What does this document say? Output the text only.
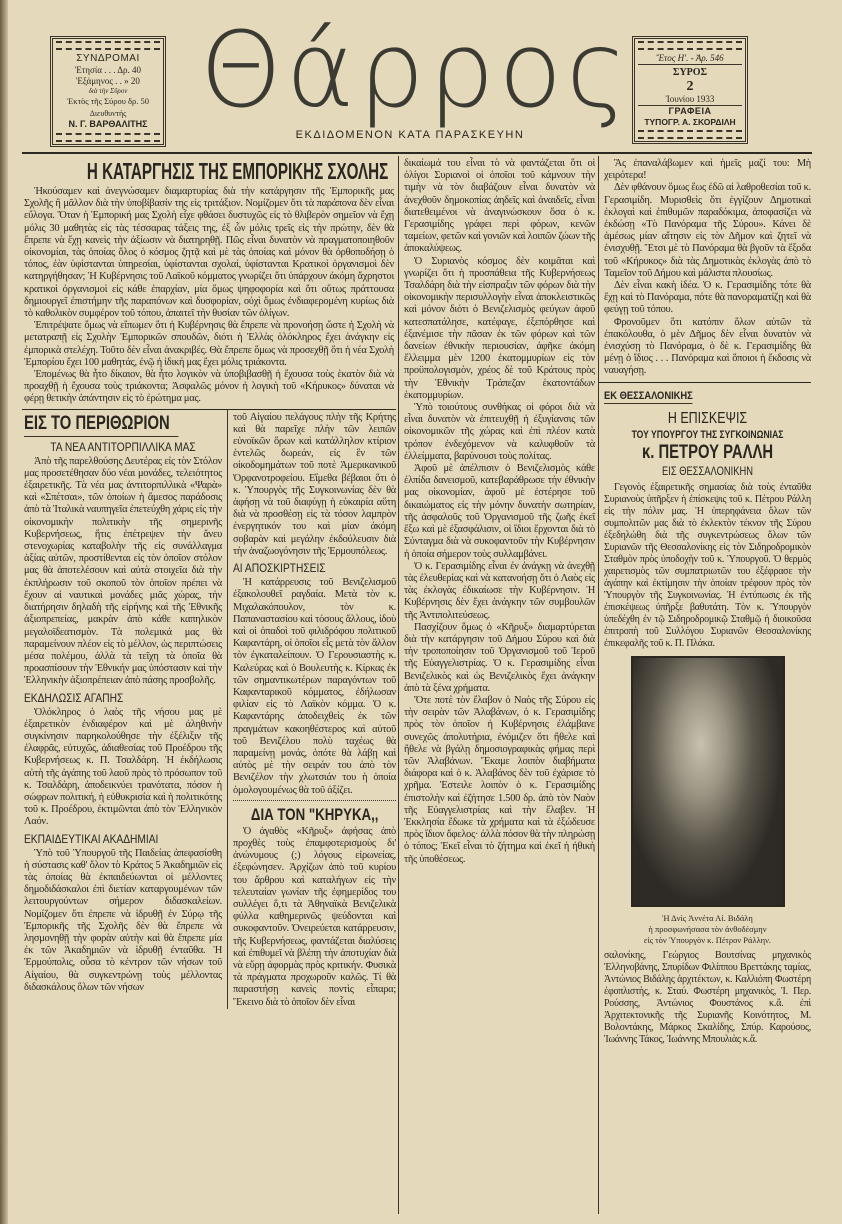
ΣΥΝΔΡΟΜΑΙ
Ἐτησία . . . Δρ. 40
Ἑξάμηνος . . » 20
διὰ τὴν Σῦρον
Ἐκτὸς τῆς Σύρου δρ. 50
Διευθυντής
Ν. Γ. ΒΑΡΘΑΛΙΤΗΣ Θάρρος
ΕΚΔΙΔΟΜΕΝΟΝ ΚΑΤΑ ΠΑΡΑΣΚΕΥΗΝ
Ἔτος Η'. - Ἀρ. 546
ΣΥΡΟΣ
2
Ἰουνίου 1933
ΓΡΑΦΕΙΑ
ΤΥΠΟΓΡ. Α. ΣΚΟΡΔΙΛΗ
Η ΚΑΤΑΡΓΗΣΙΣ ΤΗΣ ΕΜΠΟΡΙΚΗΣ ΣΧΟΛΗΣ

Ἠκούσαμεν καὶ ἀνεγνώσαμεν διαμαρτυρίας διὰ τὴν κατάργησιν τῆς Ἐμπορικῆς μας Σχολῆς ἢ μᾶλλον διὰ τὴν ὑποβίβασίν της εἰς τριτάξιον. Νομίζομεν ὅτι τὰ παράπονα δὲν εἶναι εὔλογα. Ὅταν ἡ Ἐμπορική μας Σχολὴ εἶχε φθάσει δυστυχῶς εἰς τὸ θλιβερὸν σημεῖον νὰ ἔχῃ μόλις 30 μαθητὰς εἰς τὰς τέσσαρας τάξεις της, ἐξ ὧν μόλις τρεῖς εἰς τὴν πρώτην, δὲν θὰ ἔπρεπε νὰ ἔχῃ κανεὶς τὴν ἀξίωσιν νὰ διατηρηθῇ. Πῶς εἶναι δυνατὸν νὰ πραγματοποιηθοῦν οἰκονομίαι, τὰς ὁποίας ὅλος ὁ κόσμος ζητᾷ καὶ μὲ τὰς ὁποίας καὶ μόνον θὰ ὀρθοποδήσῃ ὁ τόπος, ἐὰν ὑφίστανται ὑπηρεσίαι, ὑφίστανται σχολαί, ὑφίστανται Κρατικοὶ ὀργανισμοὶ δὲν κατηργήθησαν; Ἡ Κυβέρνησις τοῦ Λαϊκοῦ κόμματος γνωρίζει ὅτι ὑπάρχουν ἀκόμη ἄχρηστοι κρατικοὶ ὀργανισμοὶ εἰς κάθε ἐπαρχίαν, μία ὅμως ψηφοφορία καὶ ὅτι οὕτως πράττουσα δημιουργεῖ ἐπιστήμην τῆς παραπόνων καὶ δυσφορίαν, οὐχὶ ὅμως ἐνδιαφερομένη κυρίως διὰ τὸ καθολικὸν συμφέρον τοῦ τόπου, ἀπαιτεῖ τὴν θυσίαν τῶν ὀλίγων.

Ἐπιτρέψατε ὅμως νὰ εἴπωμεν ὅτι ἡ Κυβέρνησις θὰ ἔπρεπε νὰ προνοήσῃ ὥστε ἡ Σχολὴ νὰ μετατραπῇ εἰς Σχολὴν Ἐμπορικῶν σπουδῶν, διότι ἡ Ἑλλὰς ὁλόκληρος ἔχει ἀνάγκην εἰς ἐμπορικὰ στελέχη. Τοῦτο δὲν εἶναι ἀνακριβές. Θὰ ἔπρεπε ὅμως νὰ προσεχθῇ ὅτι ἡ νέα Σχολὴ Ἐμπορίου ἔχει 100 μαθητάς, ἐνῷ ἡ ἰδική μας ἔχει μόλις τριάκοντα.

Ἐπομένως θὰ ἦτο δίκαιον, θὰ ἦτο λογικὸν νὰ ὑποβιβασθῇ ἡ ἔχουσα τοὺς ἑκατὸν διὰ νὰ προαχθῇ ἡ ἔχουσα τοὺς τριάκοντα; Ἀσφαλῶς μόνον ἡ λογικὴ τοῦ «Κήρυκος» δύναται νὰ φέρῃ θετικὴν ἀπάντησιν εἰς τὸ ἐρώτημα μας.

ΕΙΣ ΤΟ ΠΕΡΙΘΩΡΙΟΝ
ΤΑ ΝΕΑ ΑΝΤΙΤΟΡΠΙΛΛΙΚΑ ΜΑΣ

Ἀπὸ τῆς παρελθούσης Δευτέρας εἰς τὸν Στόλον μας προσετέθησαν δύο νέαι μονάδες, τελειότητος ἐξαιρετικῆς. Τὰ νέα μας ἀντιτορπιλλικὰ «Ψαρὰ» καὶ «Σπέτσαι», τῶν ὁποίων ἡ ἄμεσος παράδοσις ἀπὸ τὰ Ἰταλικὰ ναυπηγεῖα ἐπετεύχθη χάρις εἰς τὴν οἰκονομικὴν πολιτικὴν τῆς σημερινῆς Κυβερνήσεως, ἥτις ἐπέτρεψεν τὴν ἄνευ στενοχωρίας καταβολὴν τῆς εἰς συνάλλαγμα ἀξίας αὐτῶν, προστίθενται εἰς τὸν ὁποῖον στόλον μας θὰ ἀποτελέσουν καὶ αὐτὰ στοιχεῖα διὰ τὴν ἐκπλήρωσιν τοῦ σκοποῦ τὸν ὁποῖον πρέπει νὰ ἔχουν αἱ ναυτικαὶ μονάδες μιᾶς χώρας, τὴν διατήρησιν δηλαδὴ τῆς εἰρήνης καὶ τῆς Ἐθνικῆς ἀξιοπρεπείας, μακρὰν ἀπὸ κάθε καπηλικὸν μεγαλοϊδεατισμὸν. Τὰ πολεμικά μας θὰ παραμείνουν πλέον εἰς τὸ μέλλον, ὡς περιπτώσεις μέσα πολέμου, ἀλλὰ τὰ τεῖχη τὰ ὁποῖα θὰ προασπίσουν τὴν Ἐθνικήν μας ὑπόστασιν καὶ τὴν Ἑλληνικὴν ἀξιοπρέπειαν ἀπὸ πάσης προσβολῆς.

ΕΚΔΗΛΩΣΙΣ ΑΓΑΠΗΣ

Ὁλόκληρος ὁ λαὸς τῆς νήσου μας μὲ ἐξαιρετικὸν ἐνδιαφέρον καὶ μὲ ἀληθινὴν συγκίνησιν παρηκολούθησε τὴν ἐξέλιξιν τῆς ἐλαφρᾶς, εὐτυχῶς, ἀδιαθεσίας τοῦ Προέδρου τῆς Κυβερνήσεως κ. Π. Τσαλδάρη. Ἡ ἐκδήλωσις αὐτὴ τῆς ἀγάπης τοῦ λαοῦ πρὸς τὸ πρόσωπον τοῦ κ. Τσαλδάρη, ἀποδεικνύει τρανότατα, πόσον ἡ σώφρων πολιτική, ἡ εὐθυκρισία καὶ ἡ πολιτικότης τοῦ κ. Προέδρου, ἐκτιμῶνται ἀπὸ τὸν Ἑλληνικὸν Λαόν.

ΕΚΠΑΙΔΕΥΤΙΚΑΙ ΑΚΑΔΗΜΙΑΙ

Ὑπὸ τοῦ Ὑπουργοῦ τῆς Παιδείας ἀπεφασίσθη ἡ σύστασις καθ' ὅλον τὸ Κράτος 5 Ἀκαδημιῶν εἰς τὰς ὁποίας θὰ ἐκπαιδεύωνται οἱ μέλλοντες δημοδιδάσκαλοι ἐπὶ διετίαν καταργουμένων τῶν λειτουργούντων σήμερον διδασκαλείων. Νομίζομεν ὅτι ἐπρεπε νὰ ἱδρυθῇ ἐν Σύρῳ τῆς Ἐμπορικῆς τῆς Σχολῆς δὲν θὰ ἔπρεπε νὰ λησμονηθῇ τὴν φορὰν αὐτὴν καὶ θὰ ἔπρεπε μία ἐκ τῶν Ἀκαδημιῶν νὰ ἱδρυθῇ ἐνταῦθα. Ἡ Ἑρμούπολις, οὖσα τὸ κέντρον τῶν νήσων τοῦ Αἰγαίου, θὰ συγκεντρώνῃ τοὺς μέλλοντας διδασκάλους ὅλων τῶν νήσων

τοῦ Αἰγαίου πελάγους πλὴν τῆς Κρήτης καὶ θὰ παρεῖχε πλὴν τῶν λειπῶν εὐνοϊκῶν ὅρων καὶ κατάλληλον κτίριον ἐντελῶς δωρεάν, εἰς ἓν τῶν οἰκοδομημάτων τοῦ ποτὲ Ἀμερικανικοῦ Ὀρφανοτροφείου. Εἴμεθα βέβαιοι ὅτι ὁ κ. Ὑπουργὸς τῆς Συγκοινωνίας δὲν θὰ ἀφήσῃ νὰ τοῦ διαφύγῃ ἡ εὐκαιρία αὕτη διὰ νὰ προσθέσῃ εἰς τὰ τόσον λαμπρὸν ἐνεργητικόν του καὶ μίαν ἀκόμη σοβαρὰν καὶ μεγάλην ἐκδούλευσιν διὰ τὴν ἀναζωογόνησιν τῆς Ἑρμουπόλεως.

ΑΙ ΑΠΟΣΚΙΡΤΗΣΕΙΣ

Ἡ κατάρρευσις τοῦ Βενιζελισμοῦ ἐξακολουθεῖ ραγδαία. Μετὰ τὸν κ. Μιχαλακόπουλον, τὸν κ. Παπαναστασίου καὶ τόσους ἄλλους, ἰδοὺ καὶ οἱ ὀπαδοὶ τοῦ φιλιδρόφου πολιτικοῦ Καφαντάρη, οἱ ὁποῖοι εἷς μετὰ τὸν ἄλλον τὸν ἐγκαταλείπουν. Ὁ Γερουσιαστὴς κ. Καλεύρας καὶ ὁ Βουλευτὴς κ. Κίρκας ἐκ τῶν σημαντικωτέρων παραγόντων τοῦ Καφανταρικοῦ κόμματος, ἐδήλωσαν φιλίαν εἰς τὸ Λαϊκὸν κόμμα. Ὁ κ. Καφαντάρης ἀποδειχθεὶς ἐκ τῶν πραγμάτων κακοηθέστερος καὶ αὐτοῦ τοῦ Βενιζέλου πολὺ ταχέως θὰ παραμείνῃ μονάς, ὁπότε θὰ λάβῃ καὶ αὐτὸς μὲ τὴν σειράν του ἀπὸ τὸν Βενιζέλον τὴν χλωτσιάν του ἡ ὁποία ὁμολογουμένως θὰ τοῦ ἀξίζει.

ΔΙΑ ΤΟΝ "ΚΗΡΥΚΑ,,

Ὁ ἀγαθὸς «Κῆρυξ» ἀφήσας ἀπὸ προχθὲς τοὺς ἐπαμφοτερισμοὺς δι' ἀνώνυμους (;) λόγους εἰρωνείας, ἐξεφώνησεν. Ἀρχίζων ἀπὸ τοῦ κυρίου του ἄρθρου καὶ καταλήγων εἰς τὴν τελευταίαν γωνίαν τῆς ἐφημερίδος του συλλέγει ὅ,τι τὰ Ἀθηναϊκὰ Βενιζελικὰ φύλλα καθημερινῶς ψεύδονται καὶ συκοφαντοῦν. Ὀνειρεύεται κατάρρευσιν, τῆς Κυβερνήσεως, φαντάζεται διαλύσεις καὶ ἐπιθυμεῖ νὰ βλέπῃ τὴν ἀποτυχίαν διὰ νὰ εὕρῃ ἀφορμὰς πρὸς κριτικήν. Φυσικὰ τὰ πράγματα προχωροῦν καλῶς. Τί θὰ παραστήσῃ κανεὶς ποντὶς εἶπαρα; Ἔκεινο διὰ τὸ ὁποῖον δὲν εἶναι

δικαίωμά του εἶναι τὸ νὰ φαντάζεται ὅτι οἱ ὀλίγοι Συριανοὶ οἱ ὁποῖοι τοῦ κάμνουν τὴν τιμὴν νὰ τὸν διαβάζουν εἶναι δυνατὸν νὰ ἀνεχθοῦν δημοκοπίας ἀηδεῖς καὶ ἀναιδεῖς, εἶναι διατεθειμένοι νὰ ἀναγινώσκουν ὅσα ὁ κ. Γερασιμίδης γράφει περὶ φόρων, κενῶν ταμείων, φετῶν καὶ γονιῶν καὶ λοιπῶν ζώων τῆς ἀποκαλύψεως.

Ὁ Συριανὸς κόσμος δὲν κοιμᾶται καὶ γνωρίζει ὅτι ἡ προσπάθεια τῆς Κυβερνήσεως Τσαλδάρη διὰ τὴν εἰσπραξιν τῶν φόρων διὰ τὴν οἰκονομικὴν περισυλλογὴν εἶναι ἀποκλειστικῶς καὶ μόνον διότι ὁ Βενιζελισμὸς φεύγων ἀφοῦ κατεσπατάλησε, κατέφαγε, ἐξεπόρθησε καὶ ἐξανέμισε τὴν πᾶσαν ἐκ τῶν φόρων καὶ τῶν δανείων ἐθνικὴν περιουσίαν, ἀφῆκε ἀκόμη ἔλλειμμα μὲν 1200 ἑκατομμυρίων εἰς τὸν προϋπολογισμὸν, χρέος δὲ τοῦ Κράτους πρὸς τὴν Ἐθνικὴν Τράπεζαν ἑκατοντάδων ἑκατομμυρίων.

Ὑπὸ τοιούτους συνθήκας οἱ φόροι διὰ νὰ εἶναι δυνατὸν νὰ ἐπιτευχθῇ ἡ ἐξυγίανσις τῶν οἰκονομικῶν τῆς χώρας καὶ ἐπὶ πλέον κατὰ τρόπον ἐνδεχόμενον νὰ καλυφθοῦν τὰ ἐλλείμματα, βαρύνουσι τοὺς πολίτας.

Ἀφοῦ μὲ ἀπέλπισιν ὁ Βενιζελισμὸς κάθε ἐλπίδα δανεισμοῦ, κατεβαράθρωσε τὴν ἐθνικὴν μας οἰκονομίαν, ἀφοῦ μὲ ἐστέρησε τοῦ δικαιώματος εἰς τὴν μόνην δυνατὴν σωτηρίαν, τῆς ἀσφαλοῦς τοῦ Ὀργανισμοῦ τῆς ζωῆς ἐκεῖ ἔξω καὶ μὲ ἐξασφάλισιν, οἱ ἴδιοι ἔρχονται διὰ τὸ Σύνταγμα διὰ νὰ συκοφαντοῦν τὴν Κυβέρνησιν ἡ ὁποία σήμερον τοὺς συλλαμβάνει.

Ὁ κ. Γερασιμίδης εἶναι ἐν ἀνάγκῃ νὰ ἀνεχθῇ τὰς ἐλευθερίας καὶ νὰ κατανοήσῃ ὅτι ὁ Λαὸς εἰς τὰς ἐκλογὰς ἐδικαίωσε τὴν Κυβέρνησιν. Ἡ Κυβέρνησις δὲν ἔχει ἀνάγκην τῶν συμβουλῶν τῆς Ἀντιπολιτεύσεως.

Πασχίζουν ὅμως ὁ «Κῆρυξ» διαμαρτύρεται διὰ τὴν κατάργησιν τοῦ Δήμου Σύρου καὶ διὰ τὴν τροποποίησιν τοῦ Ὀργανισμοῦ τοῦ Ἱεροῦ τῆς Εὐαγγελιστρίας. Ὁ κ. Γερασιμίδης εἶναι Βενιζελικὸς καὶ ὡς Βενιζελικὸς ἔχει ἀνάγκην ἀπὸ τὰ ξένα χρήματα.

Ὅτε ποτὲ τὸν ἔλαβον ὁ Ναὸς τῆς Σύρου εἰς τὴν σειρὰν τῶν Ἀλαβάνων, ὁ κ. Γερασιμίδης πρὸς τὸν ὁποῖον ἡ Κυβέρνησις ἐλάμβανε συνεχῶς ἀπολυτήρια, ἐνόμιζεν ὅτι ἤθελε καὶ ἤθελε νὰ βγάλῃ δημοσιογραφικὰς φήμας περὶ τῶν Ἀλαβάνων. Ἔκαμε λοιπὸν διαβήματα διάφορα καὶ ὁ κ. Ἀλαβάνος δὲν τοῦ ἐχάρισε τὸ χρῆμα. Ἐστειλε λοιπὸν ὁ κ. Γερασιμίδης ἐπιστολὴν καὶ ἐζήτησε 1.500 δρ. ἀπὸ τὸν Ναὸν τῆς Εὐαγγελιστρίας καὶ τὴν ἔλαβεν. Ἡ Ἐκκλησία ἔδωκε τὰ χρήματα καὶ τὰ ἐξώδευσε πρὸς ἴδιον ὄφελος· ἀλλὰ πόσον θὰ τὴν πληρώσῃ ὁ τόπος; Ἐκεῖ εἶναι τὸ ζήτημα καὶ ἐκεῖ ἡ ἠθικὴ τῆς ὑποθέσεως.

Ἂς ἐπαναλάβωμεν καὶ ἡμεῖς μαζί του: Μὴ χειρότερα!

Δὲν φθάνουν ὅμως ἕως ἐδῶ αἱ λαθροθεσίαι τοῦ κ. Γερασιμίδη. Μυρισθεὶς ὅτι ἐγγίζουν Δημοτικαὶ ἐκλογαὶ καὶ ἐπιθυμῶν παραδόκιμα, ἀποφασίζει νὰ ἐκδώσῃ «Τὸ Πανόραμα τῆς Σύρου». Κάνει δὲ ἀμέσως μίαν αἴτησιν εἰς τὸν Δῆμον καὶ ζητεῖ νὰ ἐνισχυθῇ. Ἔτσι μὲ τὸ Πανόραμα θὰ βγοῦν τὰ ἔξοδα τοῦ «Κήρυκος» διὰ τὰς Δημοτικὰς ἐκλογὰς ἀπὸ τὸ Ταμεῖον τοῦ Δήμου καὶ μάλιστα πλουσίως.

Δὲν εἶναι κακὴ ἰδέα. Ὁ κ. Γερασιμίδης τότε θὰ ἔχῃ καὶ τὸ Πανόραμα, πότε θὰ πανοραματίζῃ καὶ θὰ φεύγῃ τοῦ τόπου.

Φρονοῦμεν ὅτι κατόπιν ὅλων αὐτῶν τὰ ἐπακόλουθα, ὁ μὲν Δῆμος δὲν εἶναι δυνατὸν νὰ ἐνισχύσῃ τὸ Πανόραμα, ὁ δὲ κ. Γερασιμίδης θὰ μένῃ ὁ ἴδιος . . . Πανόραμα καὶ ὅποιοι ἡ ἔκδοσις νὰ ναυαγήσῃ.

ΕΚ ΘΕΣΣΑΛΟΝΙΚΗΣ
Η ΕΠΙΣΚΕΨΙΣ
ΤΟΥ ΥΠΟΥΡΓΟΥ ΤΗΣ ΣΥΓΚΟΙΝΩΝΙΑΣ
κ. ΠΕΤΡΟΥ ΡΑΛΛΗ
ΕΙΣ ΘΕΣΣΑΛΟΝΙΚΗΝ

Γεγονὸς ἐξαιρετικῆς σημασίας διὰ τοὺς ἐνταῦθα Συριανοὺς ὑπῆρξεν ἡ ἐπίσκεψις τοῦ κ. Πέτρου Ράλλη εἰς τὴν πόλιν μας. Ἡ ὑπερηφάνεια ὅλων τῶν συμπολιτῶν μας διὰ τὸ ἐκλεκτὸν τέκνον τῆς Σύρου ἐξεδηλώθη διὰ τῆς συγκεντρώσεως ὅλων τῶν Συριανῶν τῆς Θεσσαλονίκης εἰς τὸν Σιδηροδρομικὸν Σταθμὸν πρὸς ὑποδοχὴν τοῦ κ. Ὑπουργοῦ. Ὁ θερμὸς χαιρετισμὸς τῶν συμπατριωτῶν του ἐξέφρασε τὴν ἀγάπην καὶ ἐκτίμησιν τὴν ὁποίαν τρέφουν πρὸς τὸν Ὑπουργὸν τῆς Συγκοινωνίας. Ἡ ἐντύπωσις ἐκ τῆς ἐπισκέψεως ὑπῆρξε βαθυτάτη. Τὸν κ. Ὑπουργὸν ὑπεδέχθη ἐν τῷ Σιδηροδρομικῷ Σταθμῷ ἡ διοικοῦσα ἐπιτροπὴ τοῦ Συλλόγου Συριανῶν Θεσσαλονίκης ἐπικεφαλῆς τοῦ κ. Π. Πλάκα.

Ἡ Δνὶς Ἀννέτα Αἰ. Βιδάλη
ἡ προσφωνήσασα τὸν ἀνθοδέσμην
εἰς τὸν Ὑπουργὸν κ. Πέτρον Ράλλην.

σαλονίκης, Γεώργιος Βουτσίνας μηχανικὸς Ἐλληνοβάνης, Σπυρίδων Φιλίππου Βρεττάκης ταμίας, Ἀντώνιος Βιδάλης ἀρχιτέκτων, κ. Καλλιόπη Φωστέρη ἐφοπλιστὴς, κ. Σταύ. Φωστέρη μηχανικὸς, Ἰ. Περ. Ρούσσης, Ἀντώνιος Φουστάνος κ.ἄ. ἐπὶ Ἀρχιτεκτονικῆς τῆς Συριανῆς Κοινότητος, Μ. Βολοντάκης, Μάρκος Σκαλίδης, Σπύρ. Καρούσος, Ἰωάννης Τάκος, Ἰωάννης Μπουλιὰς κ.ἄ.
